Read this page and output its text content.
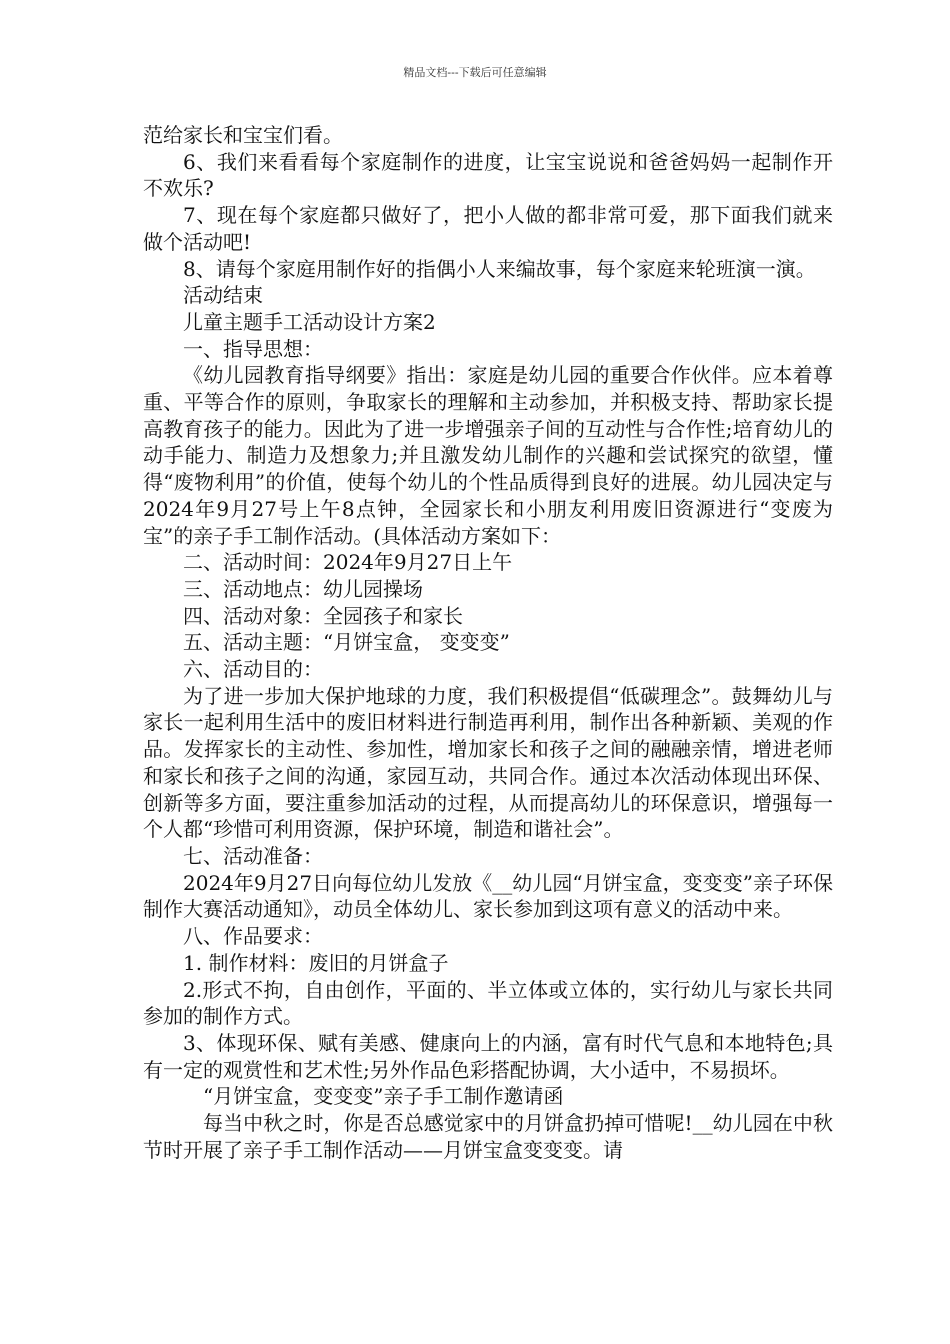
精品文档---下载后可任意编辑

范给家长和宝宝们看。

6、我们来看看每个家庭制作的进度，让宝宝说说和爸爸妈妈一起制作开不欢乐?

7、现在每个家庭都只做好了，把小人做的都非常可爱，那下面我们就来做个活动吧!

8、请每个家庭用制作好的指偶小人来编故事，每个家庭来轮班演一演。

活动结束

儿童主题手工活动设计方案2

一、指导思想：

《幼儿园教育指导纲要》指出：家庭是幼儿园的重要合作伙伴。应本着尊重、平等合作的原则，争取家长的理解和主动参加，并积极支持、帮助家长提高教育孩子的能力。因此为了进一步增强亲子间的互动性与合作性;培育幼儿的动手能力、制造力及想象力;并且激发幼儿制作的兴趣和尝试探究的欲望，懂得“废物利用”的价值，使每个幼儿的个性品质得到良好的进展。幼儿园决定与2024年9月27号上午8点钟，全园家长和小朋友利用废旧资源进行“变废为宝”的亲子手工制作活动。(具体活动方案如下：

二、活动时间：2024年9月27日上午

三、活动地点：幼儿园操场

四、活动对象：全园孩子和家长

五、活动主题：“月饼宝盒， 变变变”

六、活动目的：

为了进一步加大保护地球的力度，我们积极提倡“低碳理念”。鼓舞幼儿与家长一起利用生活中的废旧材料进行制造再利用，制作出各种新颖、美观的作品。发挥家长的主动性、参加性，增加家长和孩子之间的融融亲情，增进老师和家长和孩子之间的沟通，家园互动，共同合作。通过本次活动体现出环保、创新等多方面，要注重参加活动的过程，从而提高幼儿的环保意识，增强每一个人都“珍惜可利用资源，保护环境，制造和谐社会”。

七、活动准备：

2024年9月27日向每位幼儿发放《__幼儿园“月饼宝盒，变变变”亲子环保制作大赛活动通知》，动员全体幼儿、家长参加到这项有意义的活动中来。

八、作品要求：

1. 制作材料：废旧的月饼盒子

2.形式不拘，自由创作，平面的、半立体或立体的，实行幼儿与家长共同参加的制作方式。

3、体现环保、赋有美感、健康向上的内涵，富有时代气息和本地特色;具有一定的观赏性和艺术性;另外作品色彩搭配协调，大小适中，不易损坏。

“月饼宝盒，变变变”亲子手工制作邀请函

每当中秋之时，你是否总感觉家中的月饼盒扔掉可惜呢!__幼儿园在中秋节时开展了亲子手工制作活动——月饼宝盒变变变。请
